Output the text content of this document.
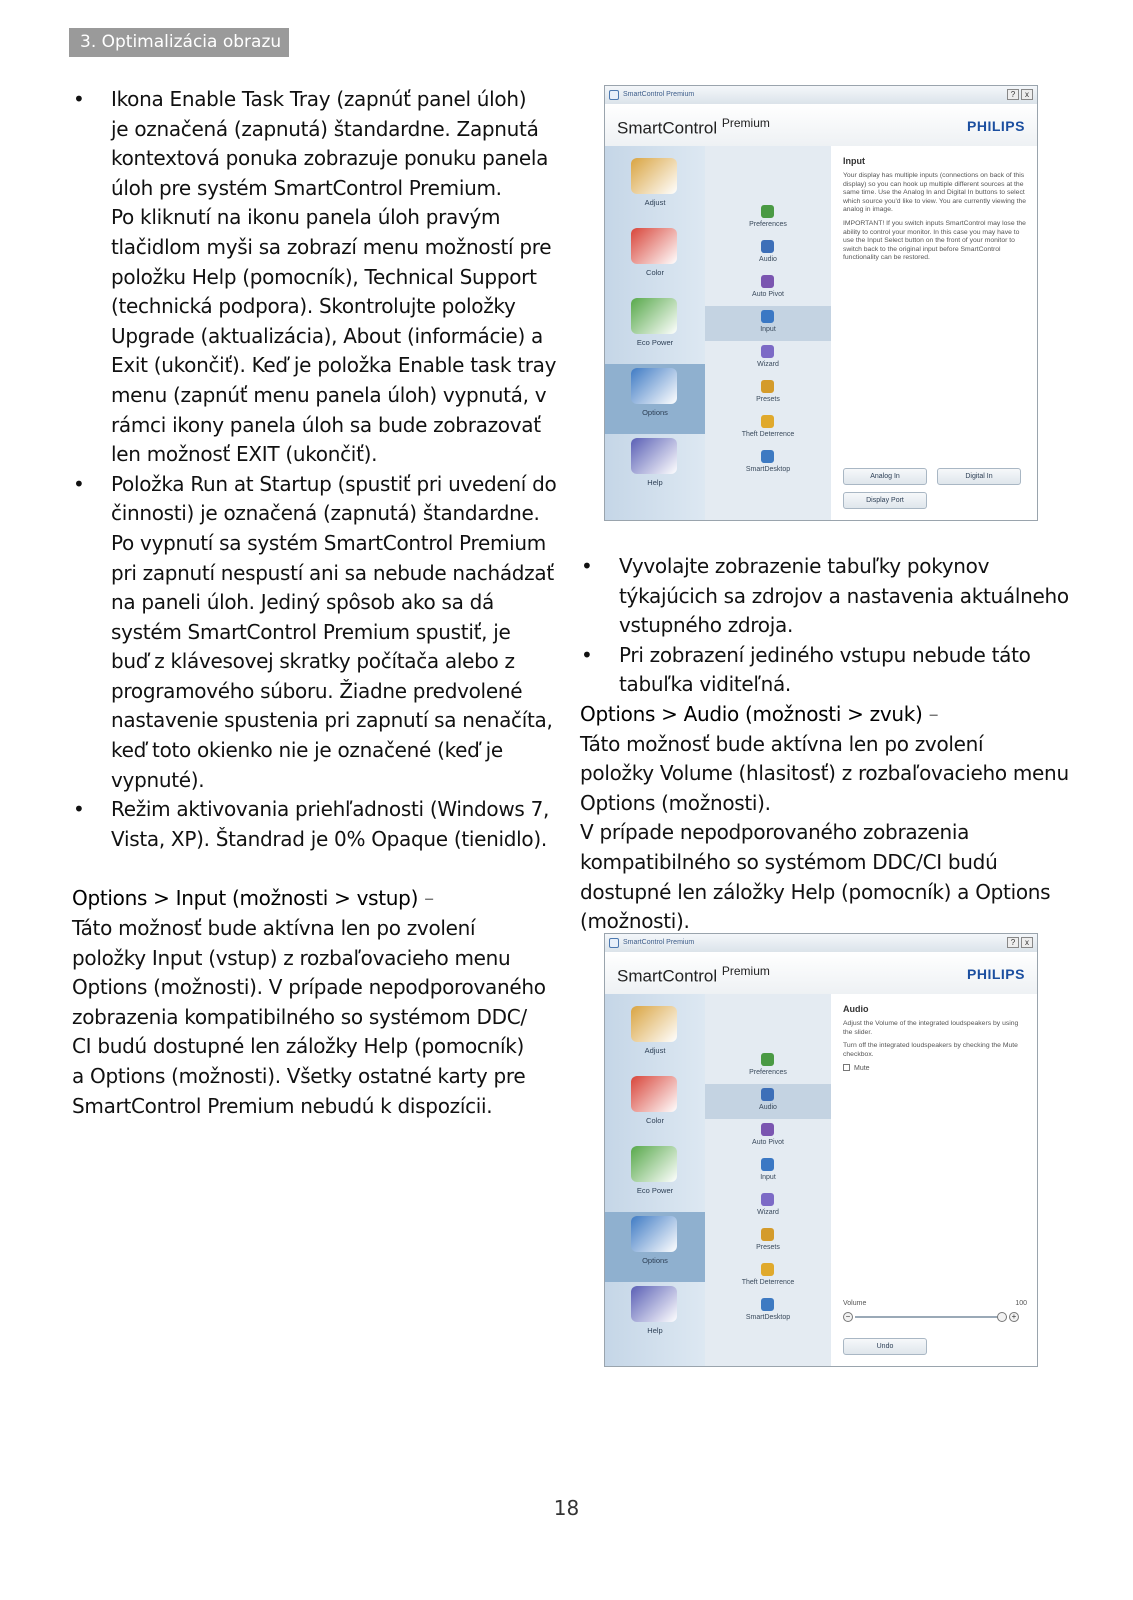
3. Optimalizácia obrazu
• Ikona Enable Task Tray (zapnúť panel úloh)
je označená (zapnutá) štandardne. Zapnutá
kontextová ponuka zobrazuje ponuku panela
úloh pre systém SmartControl Premium.
Po kliknutí na ikonu panela úloh pravým
tlačidlom myši sa zobrazí menu možností pre
položku Help (pomocník), Technical Support
(technická podpora). Skontrolujte položky
Upgrade (aktualizácia), About (informácie) a
Exit (ukončiť). Keď je položka Enable task tray
menu (zapnúť menu panela úloh) vypnutá, v
rámci ikony panela úloh sa bude zobrazovať
len možnosť EXIT (ukončiť).
• Položka Run at Startup (spustiť pri uvedení do
činnosti) je označená (zapnutá) štandardne.
Po vypnutí sa systém SmartControl Premium
pri zapnutí nespustí ani sa nebude nachádzať
na paneli úloh. Jediný spôsob ako sa dá
systém SmartControl Premium spustiť, je
buď z klávesovej skratky počítača alebo z
programového súboru. Žiadne predvolené
nastavenie spustenia pri zapnutí sa nenačíta,
keď toto okienko nie je označené (keď je
vypnuté).
• Režim aktivovania priehľadnosti (Windows 7,
Vista, XP). Štandrad je 0% Opaque (tienidlo).

Options > Input (možnosti > vstup) –

Táto možnosť bude aktívna len po zvolení
položky Input (vstup) z rozbaľovacieho menu
Options (možnosti). V prípade nepodporovaného
zobrazenia kompatibilného so systémom DDC/
CI budú dostupné len záložky Help (pomocník)
a Options (možnosti). Všetky ostatné karty pre
SmartControl Premium nebudú k dispozícii.
• Vyvolajte zobrazenie tabuľky pokynov
týkajúcich sa zdrojov a nastavenia aktuálneho
vstupného zdroja.
• Pri zobrazení jediného vstupu nebude táto
tabuľka viditeľná.

Options > Audio (možnosti > zvuk) –

Táto možnosť bude aktívna len po zvolení
položky Volume (hlasitosť) z rozbaľovacieho menu
Options (možnosti).
V prípade nepodporovaného zobrazenia
kompatibilného so systémom DDC/CI budú
dostupné len záložky Help (pomocník) a Options
(možnosti).
SmartControl Premium	?	x
SmartControl $^{Premium}$	PHILIPS
Adjust
Color
Eco Power
Options
Help
Preferences
Audio
Auto Pivot
Input
Wizard
Presets
Theft Deterrence
SmartDesktop
Input
Your display has multiple inputs (connections on back of this display) so you can hook up multiple different sources at the same time. Use the Analog In and Digital In buttons to select which source you'd like to view. You are currently viewing the analog in image.
IMPORTANT! If you switch inputs SmartControl may lose the ability to control your monitor. In this case you may have to use the Input Select button on the front of your monitor to switch back to the original input before SmartControl functionality can be restored.
Analog In	Digital In
Display Port
SmartControl Premium	?	x
SmartControl $^{Premium}$	PHILIPS
Adjust
Color
Eco Power
Options
Help
Preferences
Audio
Auto Pivot
Input
Wizard
Presets
Theft Deterrence
SmartDesktop
Audio
Adjust the Volume of the integrated loudspeakers by using the slider.
Turn off the integrated loudspeakers by checking the Mute checkbox.
Mute
Volume	100
−	+
Undo
18
